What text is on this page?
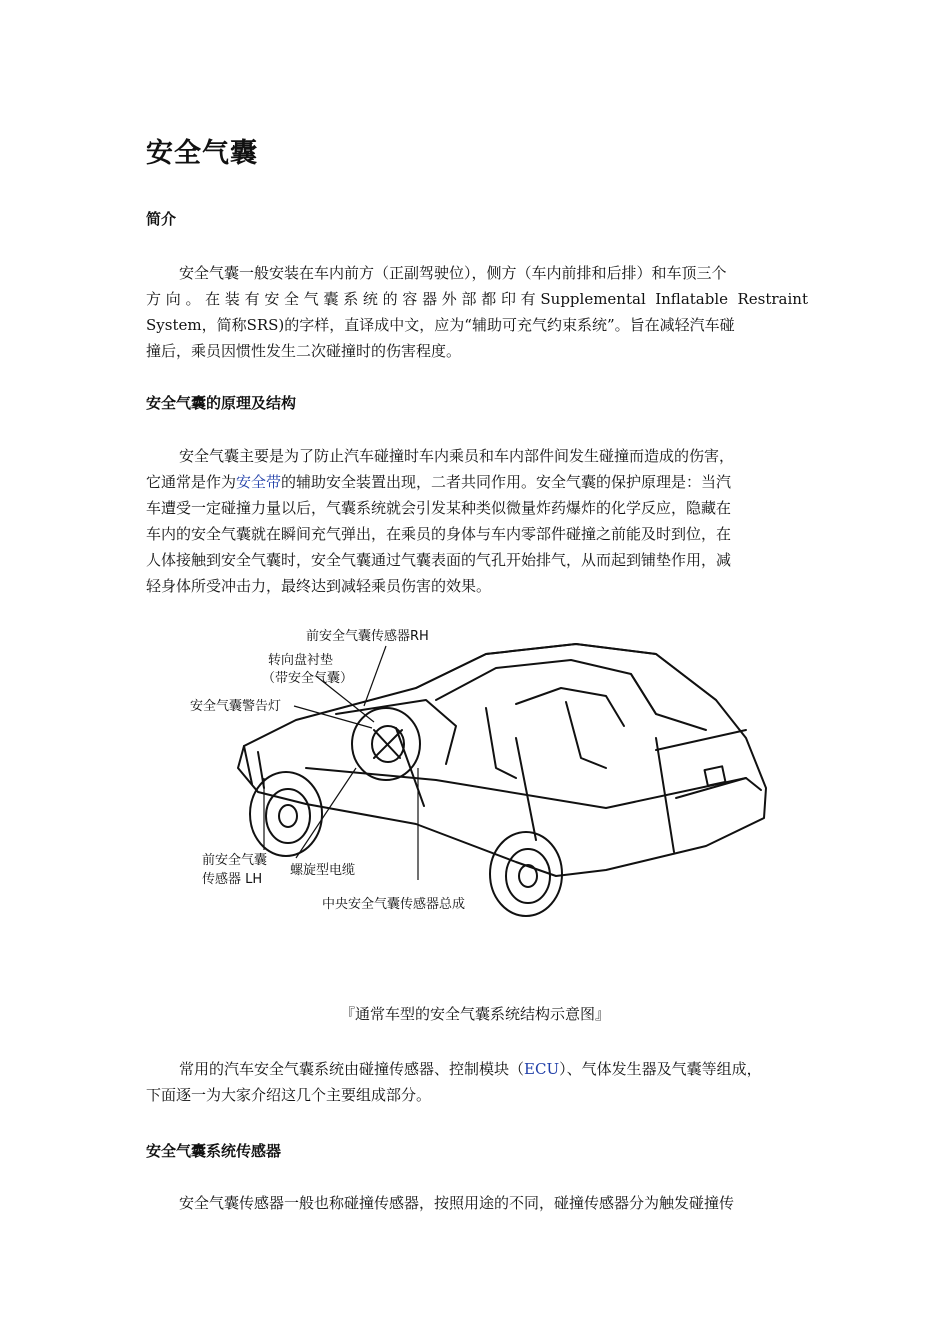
安全气囊
简介
安全气囊一般安装在车内前方（正副驾驶位），侧方（车内前排和后排）和车顶三个
方向。在装有安全气囊系统的容器外部都印有Supplemental Inflatable Restraint
System，简称SRS)的字样，直译成中文，应为“辅助可充气约束系统”。旨在减轻汽车碰
撞后，乘员因惯性发生二次碰撞时的伤害程度。
安全气囊的原理及结构
安全气囊主要是为了防止汽车碰撞时车内乘员和车内部件间发生碰撞而造成的伤害，
它通常是作为安全带的辅助安全装置出现，二者共同作用。安全气囊的保护原理是：当汽
车遭受一定碰撞力量以后，气囊系统就会引发某种类似微量炸药爆炸的化学反应，隐藏在
车内的安全气囊就在瞬间充气弹出，在乘员的身体与车内零部件碰撞之前能及时到位，在
人体接触到安全气囊时，安全气囊通过气囊表面的气孔开始排气，从而起到铺垫作用，减
轻身体所受冲击力，最终达到减轻乘员伤害的效果。
前安全气囊传感器RH
转向盘衬垫
（带安全气囊）
安全气囊警告灯
前安全气囊
传感器 LH
螺旋型电缆
中央安全气囊传感器总成
『通常车型的安全气囊系统结构示意图』
常用的汽车安全气囊系统由碰撞传感器、控制模块（ECU）、气体发生器及气囊等组成，
下面逐一为大家介绍这几个主要组成部分。
安全气囊系统传感器
安全气囊传感器一般也称碰撞传感器，按照用途的不同，碰撞传感器分为触发碰撞传
